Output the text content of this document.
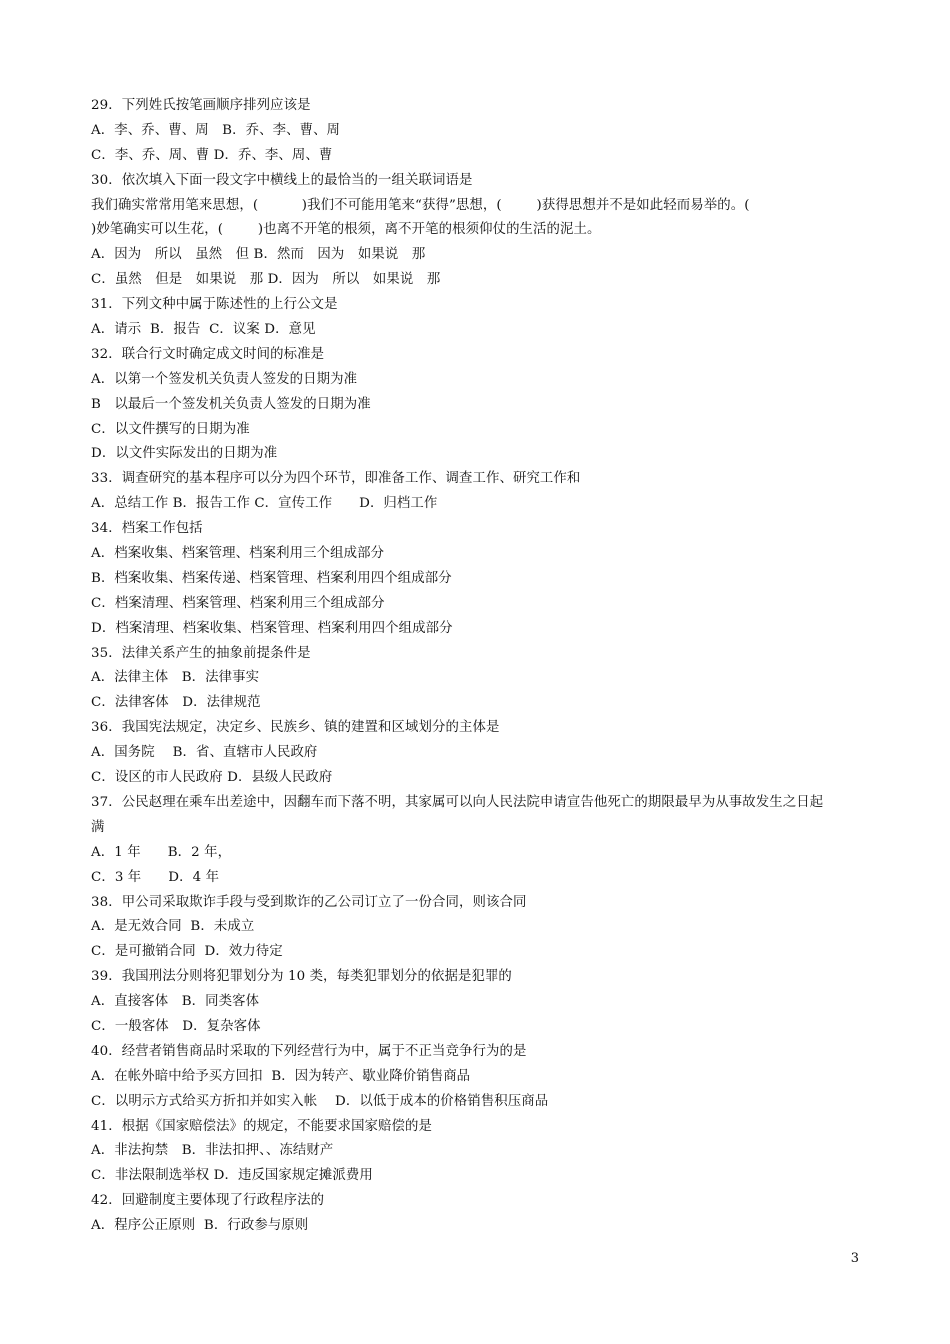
29．下列姓氏按笔画顺序排列应该是
A．李、乔、曹、周　B．乔、李、曹、周
C．李、乔、周、曹 D．乔、李、周、曹
30．依次填入下面一段文字中横线上的最恰当的一组关联词语是
我们确实常常用笔来思想，(          )我们不可能用笔来“获得”思想，(        )获得思想并不是如此轻而易举的。(
)妙笔确实可以生花，(        )也离不开笔的根须，离不开笔的根须仰仗的生活的泥土。
A．因为　所以　虽然　但 B．然而　因为　如果说　那
C．虽然　但是　如果说　那 D．因为　所以　如果说　那
31．下列文种中属于陈述性的上行公文是
A．请示  B．报告  C．议案 D．意见
32．联合行文时确定成文时间的标准是
A．以第一个签发机关负责人签发的日期为准
B　以最后一个签发机关负责人签发的日期为准
C．以文件撰写的日期为准
D．以文件实际发出的日期为准
33．调查研究的基本程序可以分为四个环节，即准备工作、调查工作、研究工作和
A．总结工作 B．报告工作 C．宣传工作　　D．归档工作
34．档案工作包括
A．档案收集、档案管理、档案利用三个组成部分
B．档案收集、档案传递、档案管理、档案利用四个组成部分
C．档案清理、档案管理、档案利用三个组成部分
D．档案清理、档案收集、档案管理、档案利用四个组成部分
35．法律关系产生的抽象前提条件是
A．法律主体　B．法律事实
C．法律客体　D．法律规范
36．我国宪法规定，决定乡、民族乡、镇的建置和区域划分的主体是
A．国务院　 B．省、直辖市人民政府
C．设区的市人民政府 D．县级人民政府
37．公民赵理在乘车出差途中，因翻车而下落不明，其家属可以向人民法院申请宣告他死亡的期限最早为从事故发生之日起
满
A．1 年　　B．2 年，
C．3 年　　D．4 年
38．甲公司采取欺诈手段与受到欺诈的乙公司订立了一份合同，则该合同
A．是无效合同  B．未成立
C．是可撤销合同  D．效力待定
39．我国刑法分则将犯罪划分为 10 类，每类犯罪划分的依据是犯罪的
A．直接客体　B．同类客体
C．一般客体　D．复杂客体
40．经营者销售商品时采取的下列经营行为中，属于不正当竞争行为的是
A．在帐外暗中给予买方回扣  B．因为转产、歇业降价销售商品
C．以明示方式给买方折扣并如实入帐　 D．以低于成本的价格销售积压商品
41．根据《国家赔偿法》的规定，不能要求国家赔偿的是
A．非法拘禁　B．非法扣押、、冻结财产
C．非法限制选举权 D．违反国家规定摊派费用
42．回避制度主要体现了行政程序法的
A．程序公正原则  B．行政参与原则
3
